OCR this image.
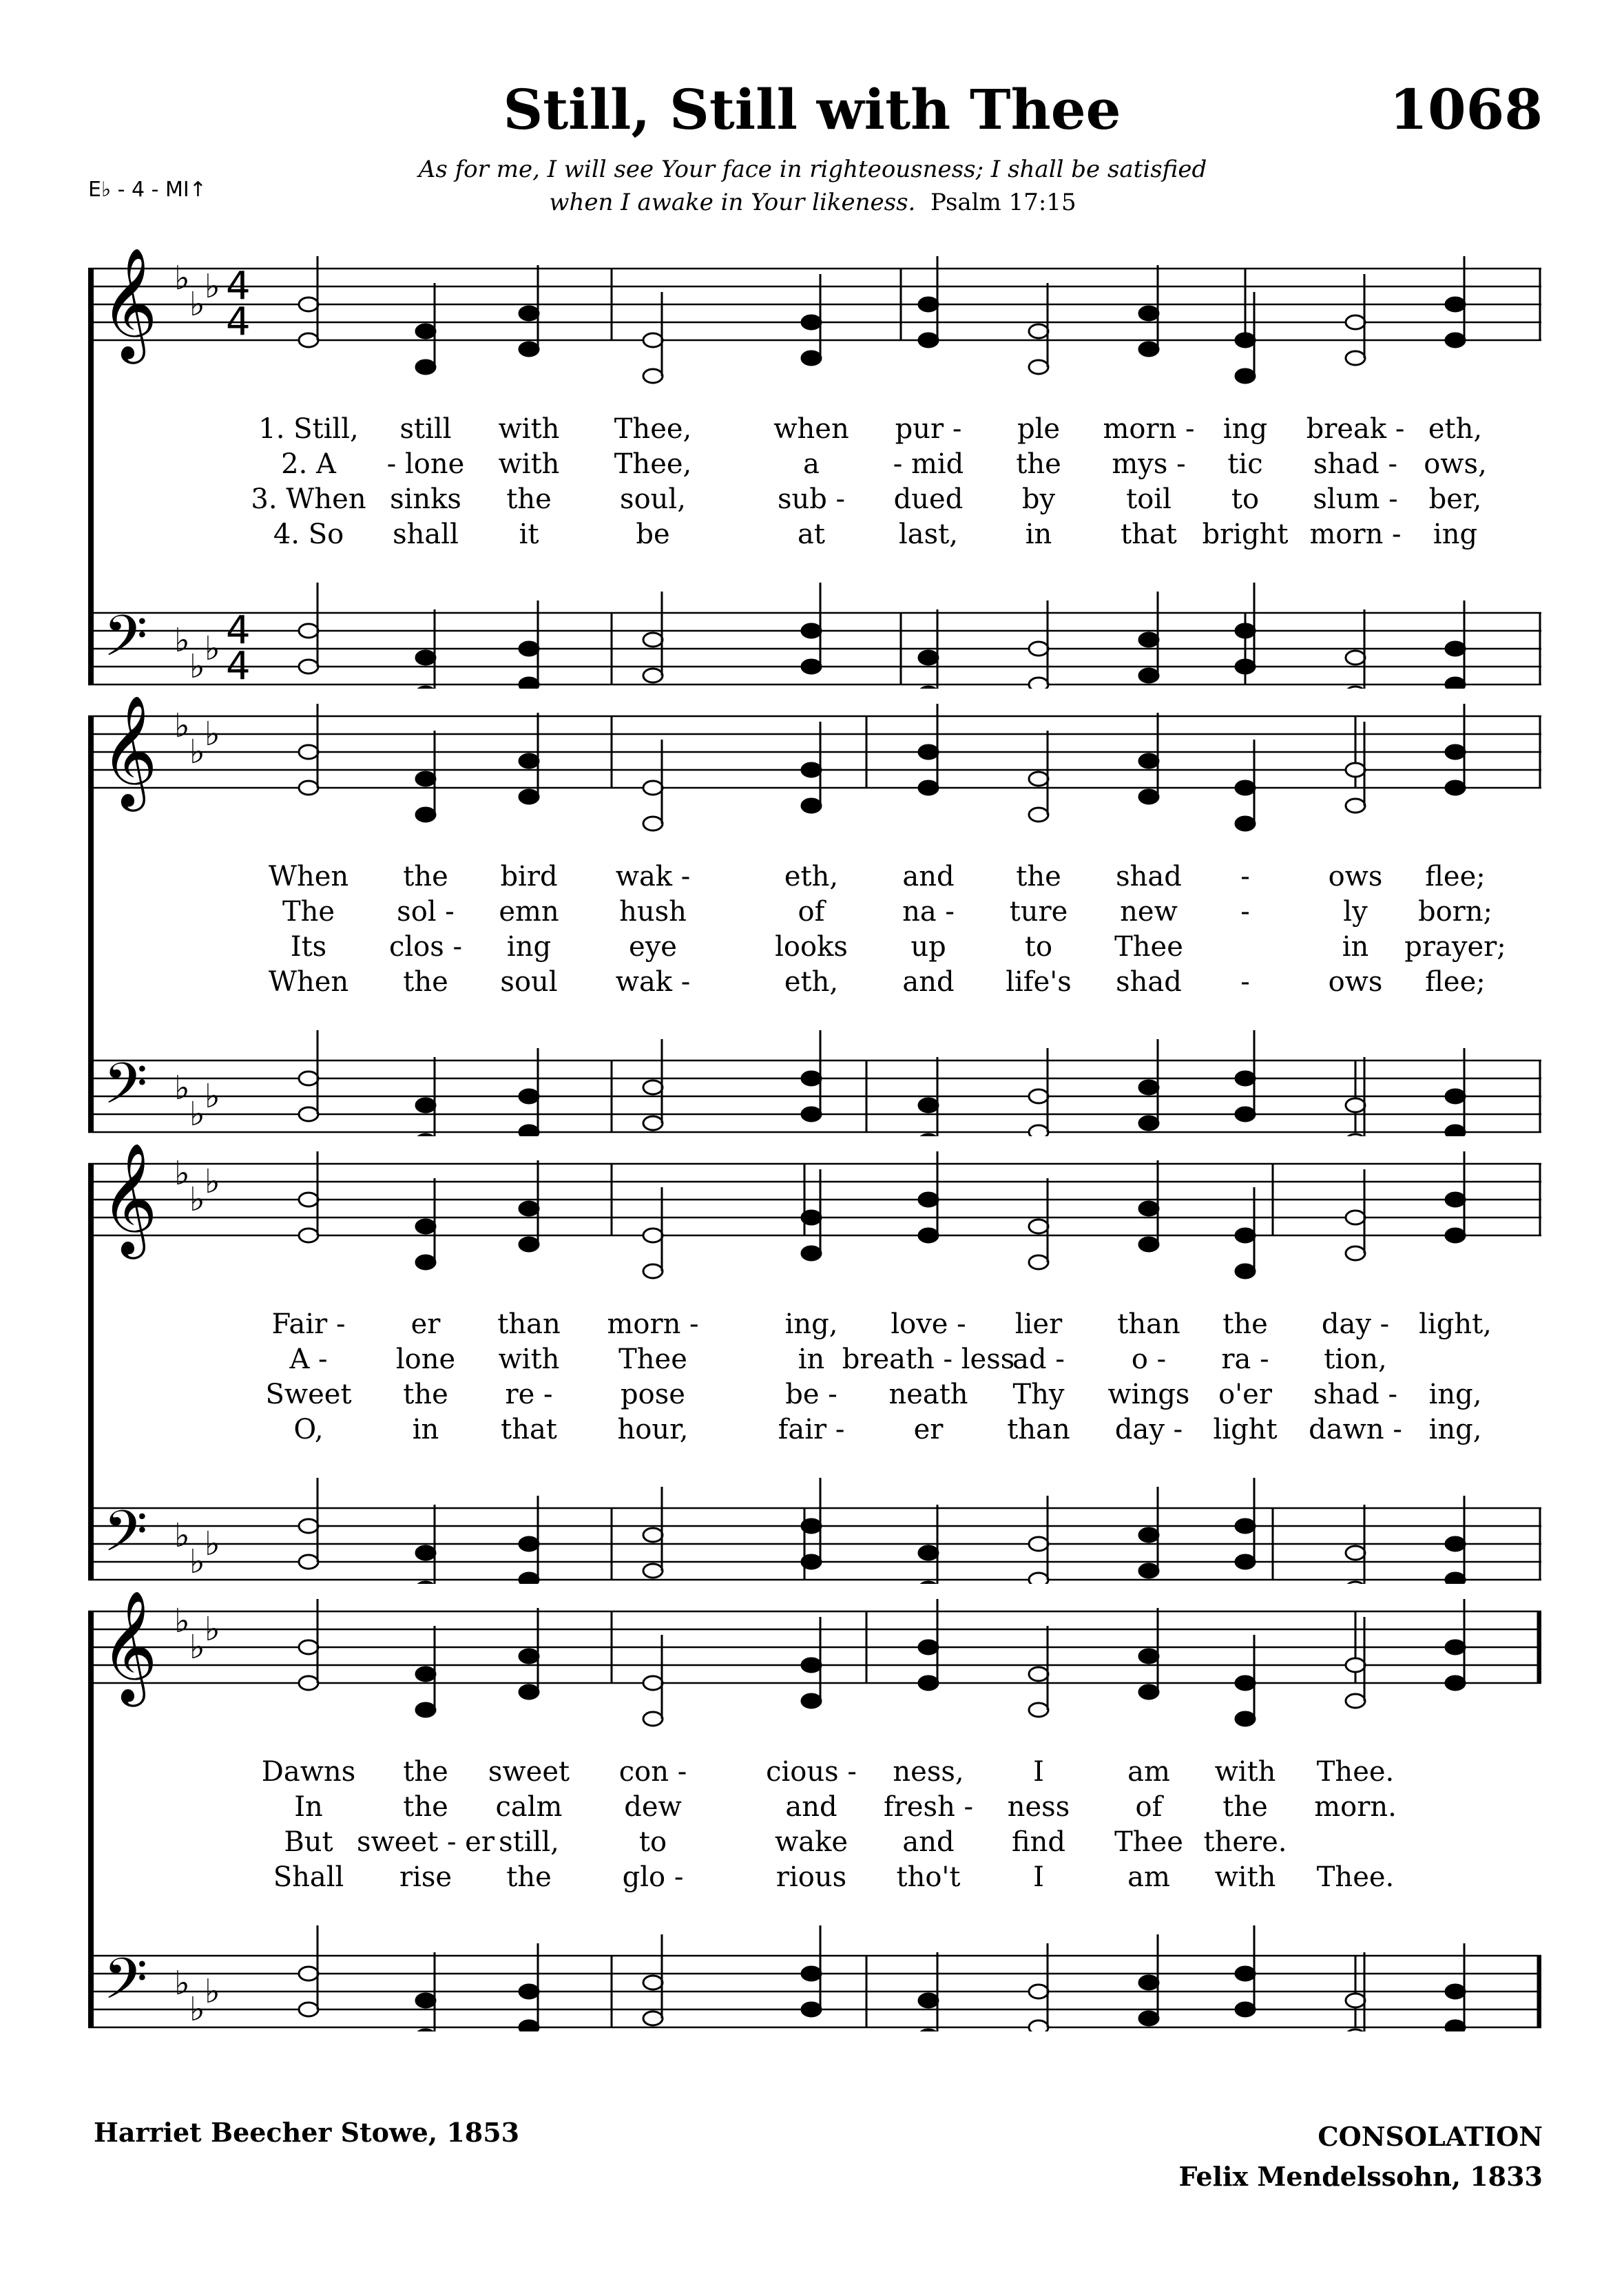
Still, Still with Thee	1068
As for me, I will see Your face in righteousness; I shall be satisfied
when I awake in Your likeness. Psalm 17:15
E♭ - 4 - MI↑
𝄞
𝄢
♭
♭
♭
♭
♭
♭
4
4
4
4
1. Still, still with Thee,	when pur - ple morn - ing break - eth,
2. A - lone with Thee,	a	- mid the mys - tic shad - ows,
3. When sinks the soul,	sub - dued by	toil to slum - ber,
4. So shall it	be	at	last, in that bright morn - ing
𝄞
𝄢
♭
♭
♭
♭
♭
♭
When the bird wak -	eth, and the shad -	ows flee;
The sol - emn hush	of	na - ture new -	ly born;
Its clos - ing	eye	looks up	to Thee	in prayer;
When the soul wak -	eth, and life's shad -	ows flee;
𝄞
𝄢
♭
♭
♭
♭
♭
♭
Fair - er than morn -	ing, love - lier than the day - light,
A - lone with Thee	in breath - less
ad - o - ra - tion,
Sweet the re - pose	be - neath Thy wings o'er shad - ing,
O,	in that hour,	fair -	er than day - light dawn - ing,
𝄞
𝄢
♭
♭
♭
♭
♭
♭
Dawns the sweet con -	cious - ness,	I	am with Thee.
In	the calm dew	and fresh - ness of the morn.
But sweet - er still,	to	wake and find Thee there.
Shall rise the	glo -	rious tho't	I	am with Thee.
Harriet Beecher Stowe, 1853	CONSOLATION
Felix Mendelssohn, 1833
